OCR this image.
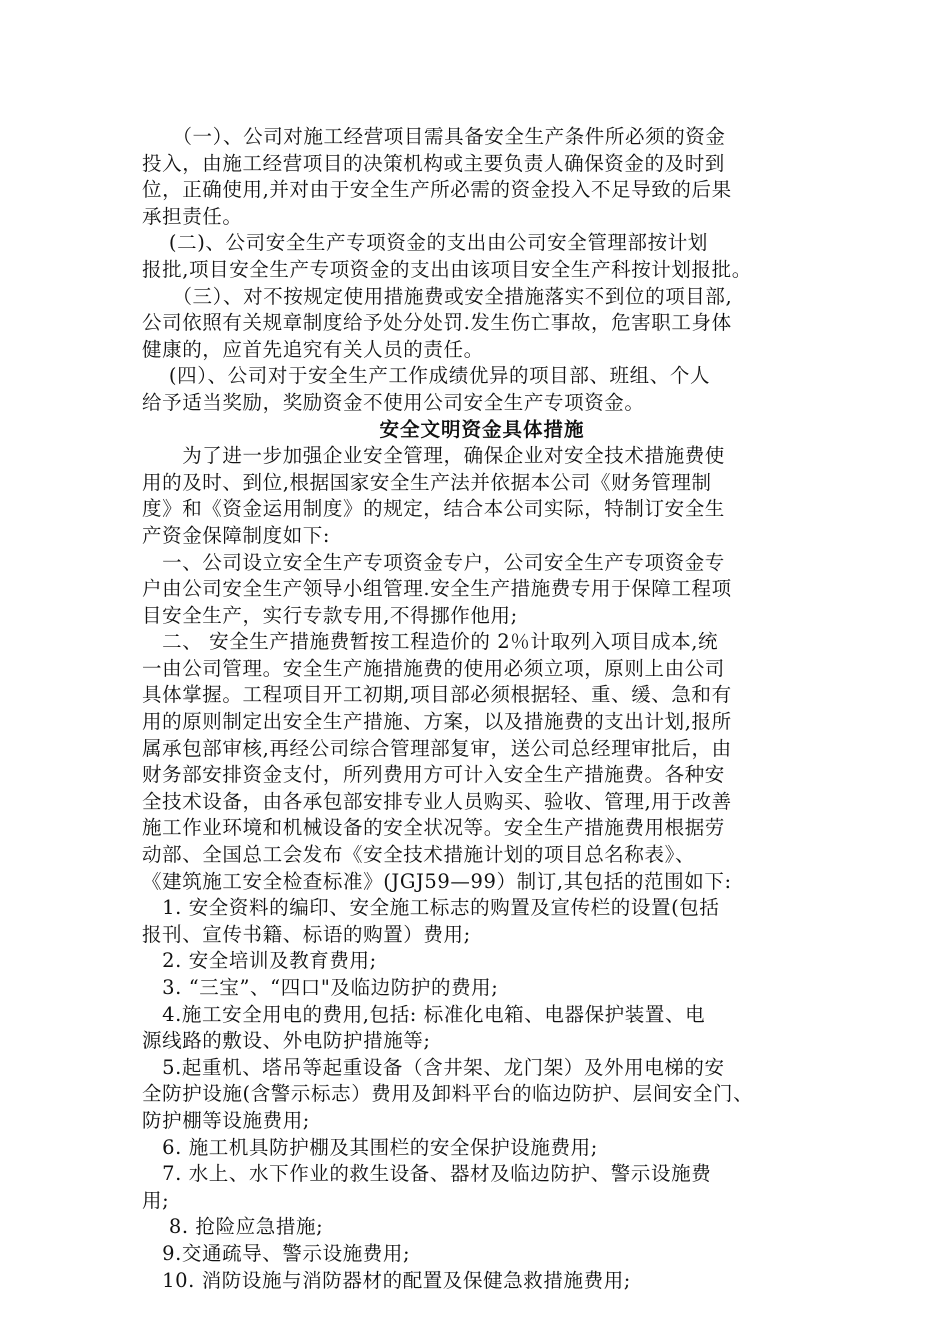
　　（一）、公司对施工经营项目需具备安全生产条件所必须的资金
投入，由施工经营项目的决策机构或主要负责人确保资金的及时到
位，正确使用,并对由于安全生产所必需的资金投入不足导致的后果
承担责任。
　 (二)、公司安全生产专项资金的支出由公司安全管理部按计划
报批,项目安全生产专项资金的支出由该项目安全生产科按计划报批。
　　（三）、对不按规定使用措施费或安全措施落实不到位的项目部,
公司依照有关规章制度给予处分处罚.发生伤亡事故，危害职工身体
健康的，应首先追究有关人员的责任。
　 (四）、公司对于安全生产工作成绩优异的项目部、班组、个人
给予适当奖励，奖励资金不使用公司安全生产专项资金。
安全文明资金具体措施
　　为了进一步加强企业安全管理，确保企业对安全技术措施费使
用的及时、到位,根据国家安全生产法并依据本公司《财务管理制
度》和《资金运用制度》的规定，结合本公司实际，特制订安全生
产资金保障制度如下:
　一、公司设立安全生产专项资金专户，公司安全生产专项资金专
户由公司安全生产领导小组管理.安全生产措施费专用于保障工程项
目安全生产，实行专款专用,不得挪作他用;
　二、 安全生产措施费暂按工程造价的 2％计取列入项目成本,统
一由公司管理。安全生产施措施费的使用必须立项，原则上由公司
具体掌握。工程项目开工初期,项目部必须根据轻、重、缓、急和有
用的原则制定出安全生产措施、方案，以及措施费的支出计划,报所
属承包部审核,再经公司综合管理部复审，送公司总经理审批后，由
财务部安排资金支付，所列费用方可计入安全生产措施费。各种安
全技术设备，由各承包部安排专业人员购买、验收、管理,用于改善
施工作业环境和机械设备的安全状况等。安全生产措施费用根据劳
动部、全国总工会发布《安全技术措施计划的项目总名称表》、
《建筑施工安全检查标准》(JGJ59—99）制订,其包括的范围如下:
　1. 安全资料的编印、安全施工标志的购置及宣传栏的设置(包括
报刊、宣传书籍、标语的购置）费用;
　2. 安全培训及教育费用;
　3. “三宝”、“四口"及临边防护的费用;
　4.施工安全用电的费用,包括: 标准化电箱、电器保护装置、电
源线路的敷设、外电防护措施等;
　5.起重机、塔吊等起重设备（含井架、龙门架）及外用电梯的安
全防护设施(含警示标志）费用及卸料平台的临边防护、层间安全门、
防护棚等设施费用;
　6. 施工机具防护棚及其围栏的安全保护设施费用;
　7. 水上、水下作业的救生设备、器材及临边防护、警示设施费
用;
　 8. 抢险应急措施;
　9.交通疏导、警示设施费用;
　10. 消防设施与消防器材的配置及保健急救措施费用;
